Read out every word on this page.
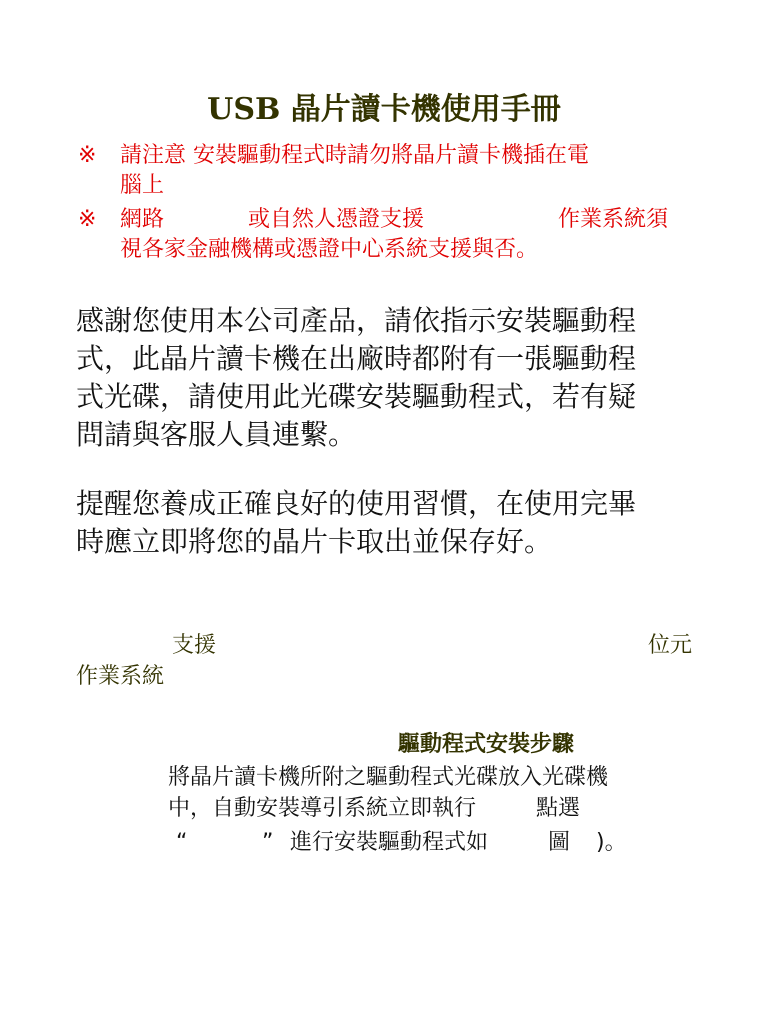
USB 晶片讀卡機使用手冊
※ 請注意 安裝驅動程式時請勿將晶片讀卡機插在電
腦上
※ 網路	或自然人憑證支援	作業系統須
視各家金融機構或憑證中心系統支援與否。
感謝您使用本公司產品，請依指示安裝驅動程
式，此晶片讀卡機在出廠時都附有一張驅動程
式光碟，請使用此光碟安裝驅動程式，若有疑
問請與客服人員連繫。
提醒您養成正確良好的使用習慣，在使用完畢
時應立即將您的晶片卡取出並保存好。
支援	位元
作業系統
驅動程式安裝步驟
將晶片讀卡機所附之驅動程式光碟放入光碟機
中，自動安裝導引系統立即執行	點選
“	” 進行安裝驅動程式如	圖 )。
